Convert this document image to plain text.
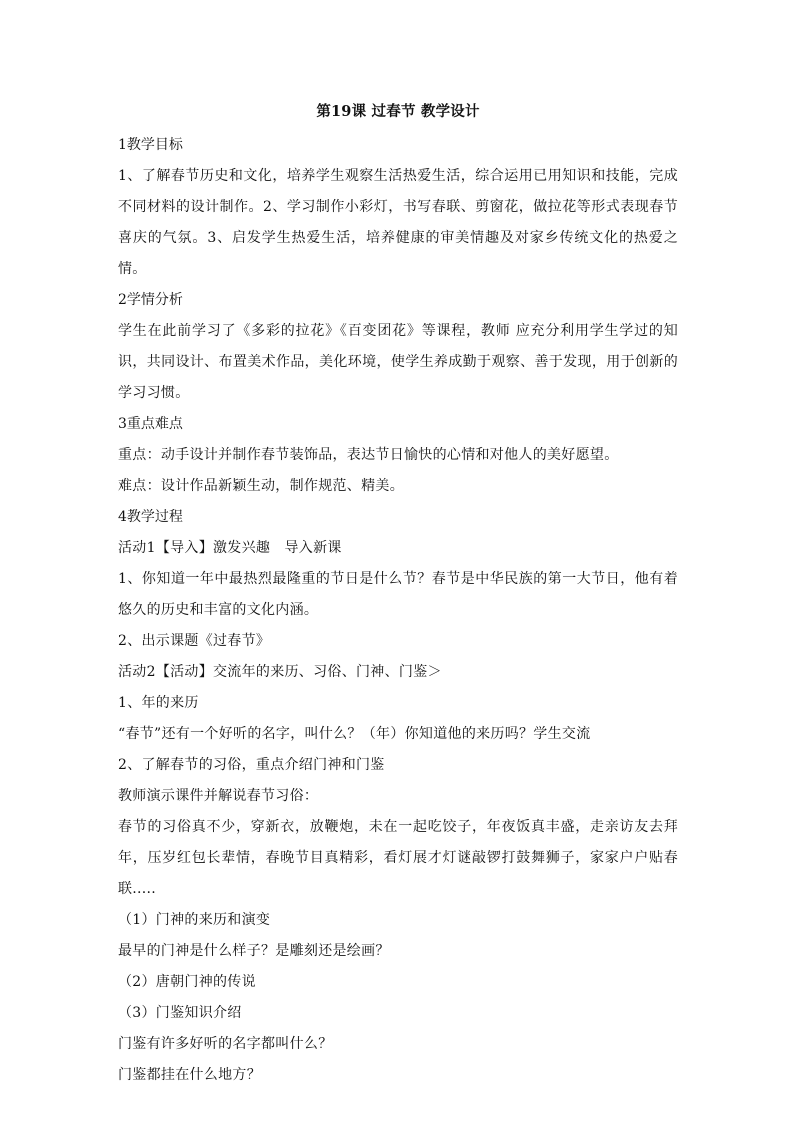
第19课 过春节 教学设计
1教学目标
1、了解春节历史和文化，培养学生观察生活热爱生活，综合运用已用知识和技能，完成不同材料的设计制作。2、学习制作小彩灯，书写春联、剪窗花，做拉花等形式表现春节喜庆的气氛。3、启发学生热爱生活，培养健康的审美情趣及对家乡传统文化的热爱之情。
2学情分析
学生在此前学习了《多彩的拉花》《百变团花》等课程，教师 应充分利用学生学过的知识，共同设计、布置美术作品，美化环境，使学生养成勤于观察、善于发现，用于创新的学习习惯。
3重点难点
重点：动手设计并制作春节装饰品，表达节日愉快的心情和对他人的美好愿望。
难点：设计作品新颖生动，制作规范、精美。
4教学过程
活动1【导入】激发兴趣　导入新课
1、你知道一年中最热烈最隆重的节日是什么节？春节是中华民族的第一大节日，他有着悠久的历史和丰富的文化内涵。
2、出示课题《过春节》
活动2【活动】交流年的来历、习俗、门神、门鉴＞
1、年的来历
“春节”还有一个好听的名字，叫什么？（年）你知道他的来历吗？学生交流
2、了解春节的习俗，重点介绍门神和门鉴
教师演示课件并解说春节习俗：
春节的习俗真不少，穿新衣，放鞭炮，未在一起吃饺子，年夜饭真丰盛，走亲访友去拜年，压岁红包长辈情，春晚节目真精彩，看灯展才灯谜敲锣打鼓舞狮子，家家户户贴春联.....
（1）门神的来历和演变
最早的门神是什么样子？是雕刻还是绘画？
（2）唐朝门神的传说
（3）门鉴知识介绍
门鉴有许多好听的名字都叫什么？
门鉴都挂在什么地方？
